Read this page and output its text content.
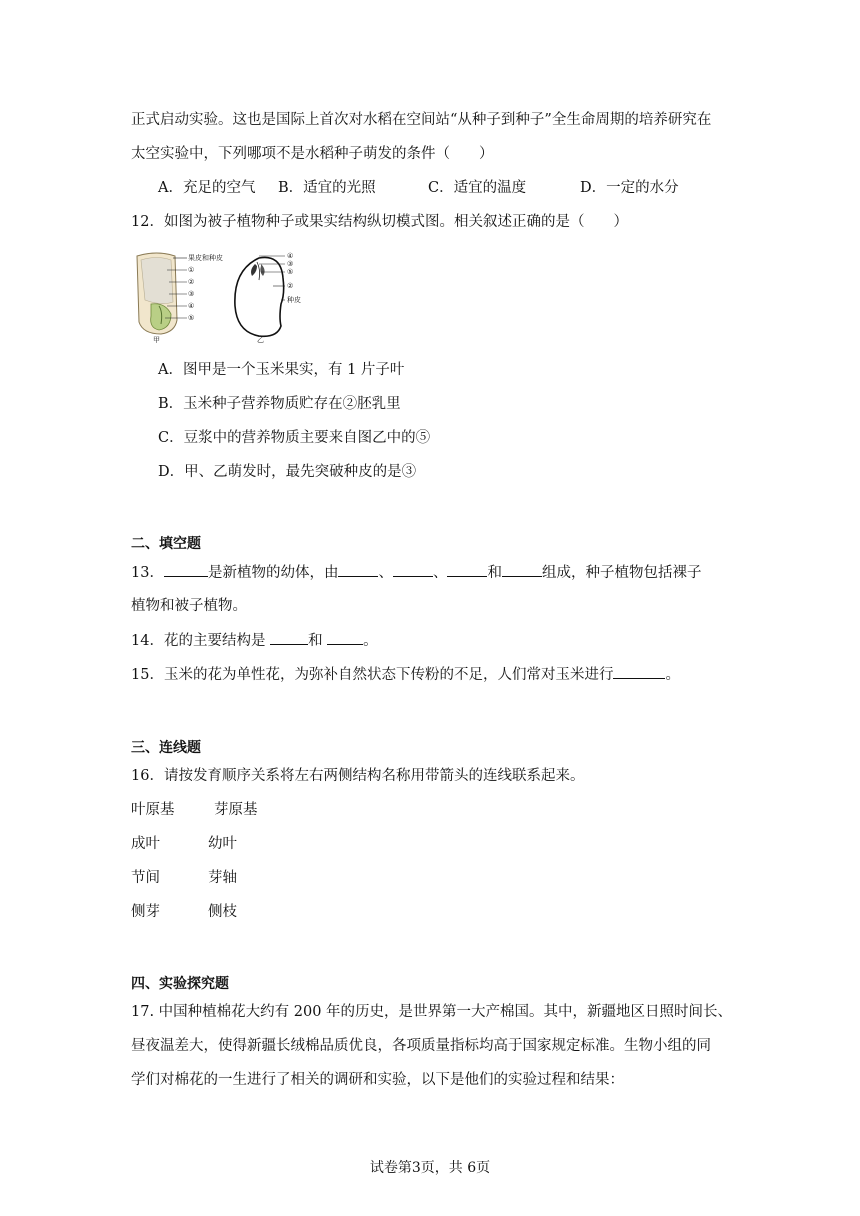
正式启动实验。这也是国际上首次对水稻在空间站“从种子到种子”全生命周期的培养研究在
太空实验中，下列哪项不是水稻种子萌发的条件（　　）
A．充足的空气 B．适宜的光照	C．适宜的温度	D．一定的水分
12．如图为被子植物种子或果实结构纵切模式图。相关叙述正确的是（　　）
果皮和种皮
①
②
③
④
⑤
甲
④
③
⑤
②
种皮
乙
A．图甲是一个玉米果实，有 1 片子叶
B．玉米种子营养物质贮存在②胚乳里
C．豆浆中的营养物质主要来自图乙中的⑤
D．甲、乙萌发时，最先突破种皮的是③
二、填空题
13．	是新植物的幼体，由	、	、	和	组成，种子植物包括裸子
植物和被子植物。
14．花的主要结构是	和 。
15．玉米的花为单性花，为弥补自然状态下传粉的不足，人们常对玉米进行	。
三、连线题
16．请按发育顺序关系将左右两侧结构名称用带箭头的连线联系起来。
叶原基	芽原基
成叶	幼叶
节间	芽轴
侧芽	侧枝
四、实验探究题
17. 中国种植棉花大约有 200 年的历史，是世界第一大产棉国。其中，新疆地区日照时间长、
昼夜温差大，使得新疆长绒棉品质优良，各项质量指标均高于国家规定标准。生物小组的同
学们对棉花的一生进行了相关的调研和实验，以下是他们的实验过程和结果：
试卷第3页，共 6页
